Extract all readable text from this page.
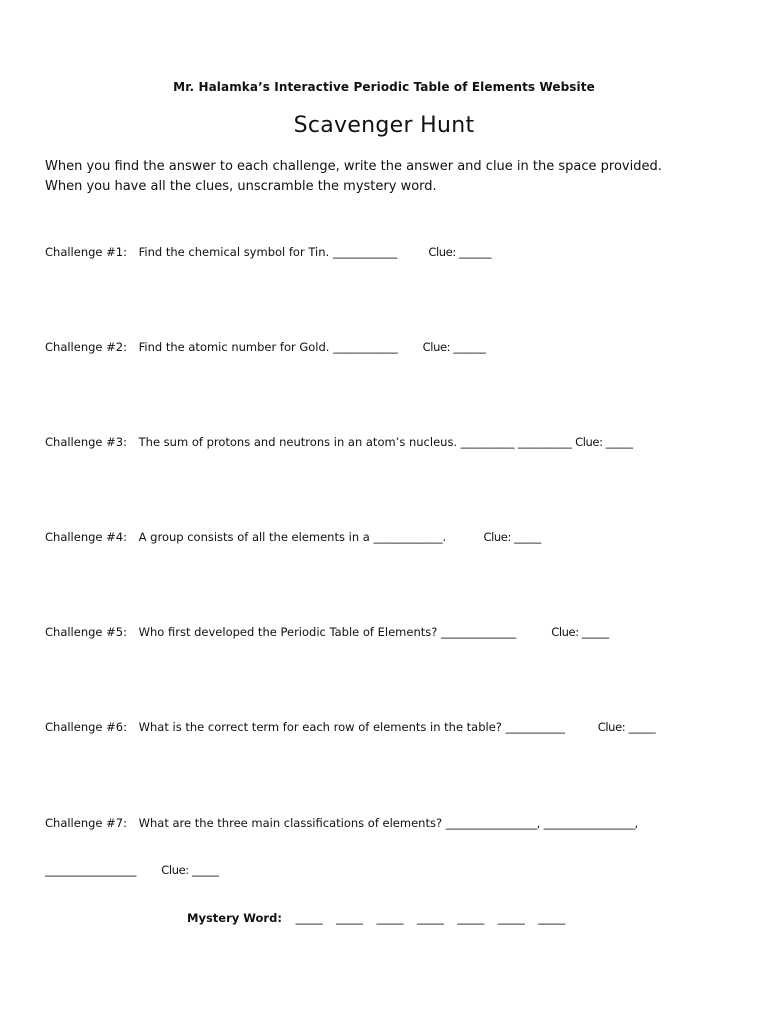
Mr. Halamka’s Interactive Periodic Table of Elements Website
Scavenger Hunt
When you find the answer to each challenge, write the answer and clue in the space provided.
When you have all the clues, unscramble the mystery word.
Challenge #1: Find the chemical symbol for Tin. ____________	Clue: ______
Challenge #2: Find the atomic number for Gold. ____________ Clue: ______
Challenge #3: The sum of protons and neutrons in an atom’s nucleus. __________ __________ Clue: _____
Challenge #4: A group consists of all the elements in a ____________.	Clue: _____
Challenge #5: Who first developed the Periodic Table of Elements? ______________	Clue: _____
Challenge #6: What is the correct term for each row of elements in the table? ___________	Clue: _____
Challenge #7: What are the three main classifications of elements? _________________, _________________,
_________________ Clue: _____
Mystery Word: _____ _____ _____ _____ _____ _____ _____
